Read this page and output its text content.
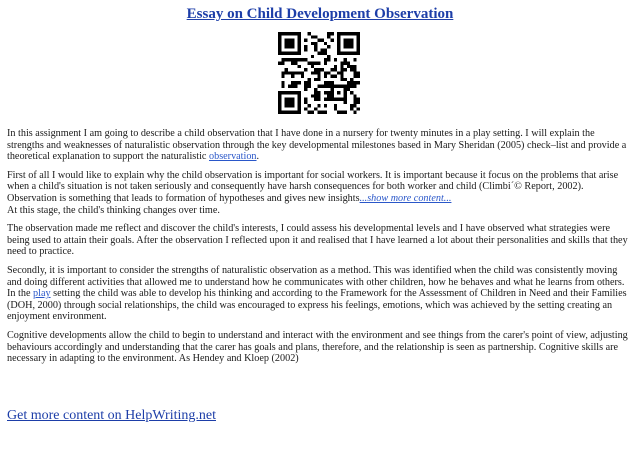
Essay on Child Development Observation

In this assignment I am going to describe a child observation that I have done in a nursery for twenty minutes in a play setting. I will explain the strengths and weaknesses of naturalistic observation through the key developmental milestones based in Mary Sheridan (2005) check–list and provide a theoretical explanation to support the naturalistic observation.

First of all I would like to explain why the child observation is important for social workers. It is important because it focus on the problems that arise when a child's situation is not taken seriously and consequently have harsh consequences for both worker and child (Climbi‭´© Report, 2002). Observation is something that leads to formation of hypotheses and gives new insights...show more content...
At this stage, the child's thinking changes over time.

The observation made me reflect and discover the child's interests, I could assess his developmental levels and I have observed what strategies were being used to attain their goals. After the observation I reflected upon it and realised that I have learned a lot about their personalities and skills that they need to practice.

Secondly, it is important to consider the strengths of naturalistic observation as a method. This was identified when the child was consistently moving and doing different activities that allowed me to understand how he communicates with other children, how he behaves and what he learns from others. In the play setting the child was able to develop his thinking and according to the Framework for the Assessment of Children in Need and their Families (DOH, 2000) through social relationships, the child was encouraged to express his feelings, emotions, which was achieved by the setting creating an enjoyment environment.

Cognitive developments allow the child to begin to understand and interact with the environment and see things from the carer's point of view, adjusting behaviours accordingly and understanding that the carer has goals and plans, therefore, and the relationship is seen as partnership. Cognitive skills are necessary in adapting to the environment. As Hendey and Kloep (2002)

Get more content on HelpWriting.net
